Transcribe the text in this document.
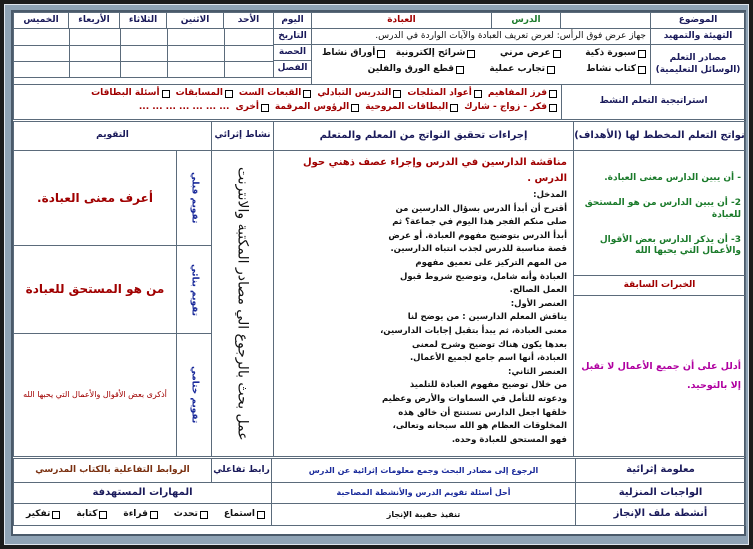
الموضوع
الدرس
العبادة
التهيئة والتمهيد
جهاز عرض فوق الرأس: لعرض تعريف العبادة والآيات الواردة في الدرس.
مصادر التعلم (الوسائل التعليمية)
سبورة ذكية
عرض مرني
شرائح إلكترونية
أوراق نشاط
كتاب نشاط
تجارب عملية
قطع الورق والفلين
اليوم
التاريخ
الحصة
الفصل
الأحد
الاثنين
الثلاثاء
الأربعاء
الخميس
استراتيجية التعلم النشط
فرز المفاهيم
أعواد المثلجات
التدريس التبادلي
القبعات الست
المسابقات
أسئلة البطاقات
فكر - زواج - شارك
البطاقات المروحية
الرؤوس المرقمة
أخرى
... ... ... ... ... ... ...
نواتج التعلم المخطط لها (الأهداف)
إجراءات تحقيق النواتج من المعلم والمتعلم
نشاط إثرائي
التقويم
- أن يبين الدارس معنى العبادة.
2- أن يبين الدارس من هو المستحق للعبادة
3- أن يذكر الدارس بعض الأقوال والأعمال التي يحبها الله
الخبرات السابقة
أدلل على أن جميع الأعمال لا تقبل إلا بالتوحيد.
مناقشة الدارسين في الدرس وإجراء عصف ذهني حول الدرس .
المدخل:
أقترح أن أبدأ الدرس بسؤال الدارسين من
صلى منكم الفجر هذا اليوم في جماعة؟ ثم
أبدأ الدرس بتوضيح مفهوم العبادة. أو عرض
قصة مناسبة للدرس لجذب انتباه الدارسين.
من المهم التركيز على تعميق مفهوم
العبادة وأنه شامل، وتوضيح شروط قبول
العمل الصالح.
العنصر الأول:
يناقش المعلم الدارسين : من يوضح لنا
معنى العبادة، ثم يبدأ بتقبل إجابات الدارسين،
بعدها يكون هناك توضيح وشرح لمعنى
العبادة، أنها اسم جامع لجميع الأعمال.
العنصر الثاني:
من خلال توضيح مفهوم العبادة للتلميذ
ودعوته للتأمل في السماوات والأرض وعظيم
خلقها اجعل الدارس تستنتج أن خالق هذه
المخلوقات العظام هو الله سبحانه وتعالى،
فهو المستحق للعبادة وحده.
عمل بحث بالرجوع الي مصادر المكتبة والانترنت
تقويم قبلي
أعرف معنى العبادة.
تقويم بنائي
من هو المستحق للعبادة
تقويم ختامي
أذكرى بعض الأقوال والأعمال التي يحبها الله
معلومة إثرائية
الرجوع إلى مصادر البحث وجمع معلومات إثرائية عن الدرس
رابط تفاعلي
الروابط التفاعلية بالكتاب المدرسي
الواجبات المنزلية
أحل أسئلة تقويم الدرس والأنشطة المصاحبة
المهارات المستهدفة
أنشطة ملف الإنجاز
تنفيذ حقيبة الإنجاز
استماع
تحدث
قراءة
كتابة
تفكير
